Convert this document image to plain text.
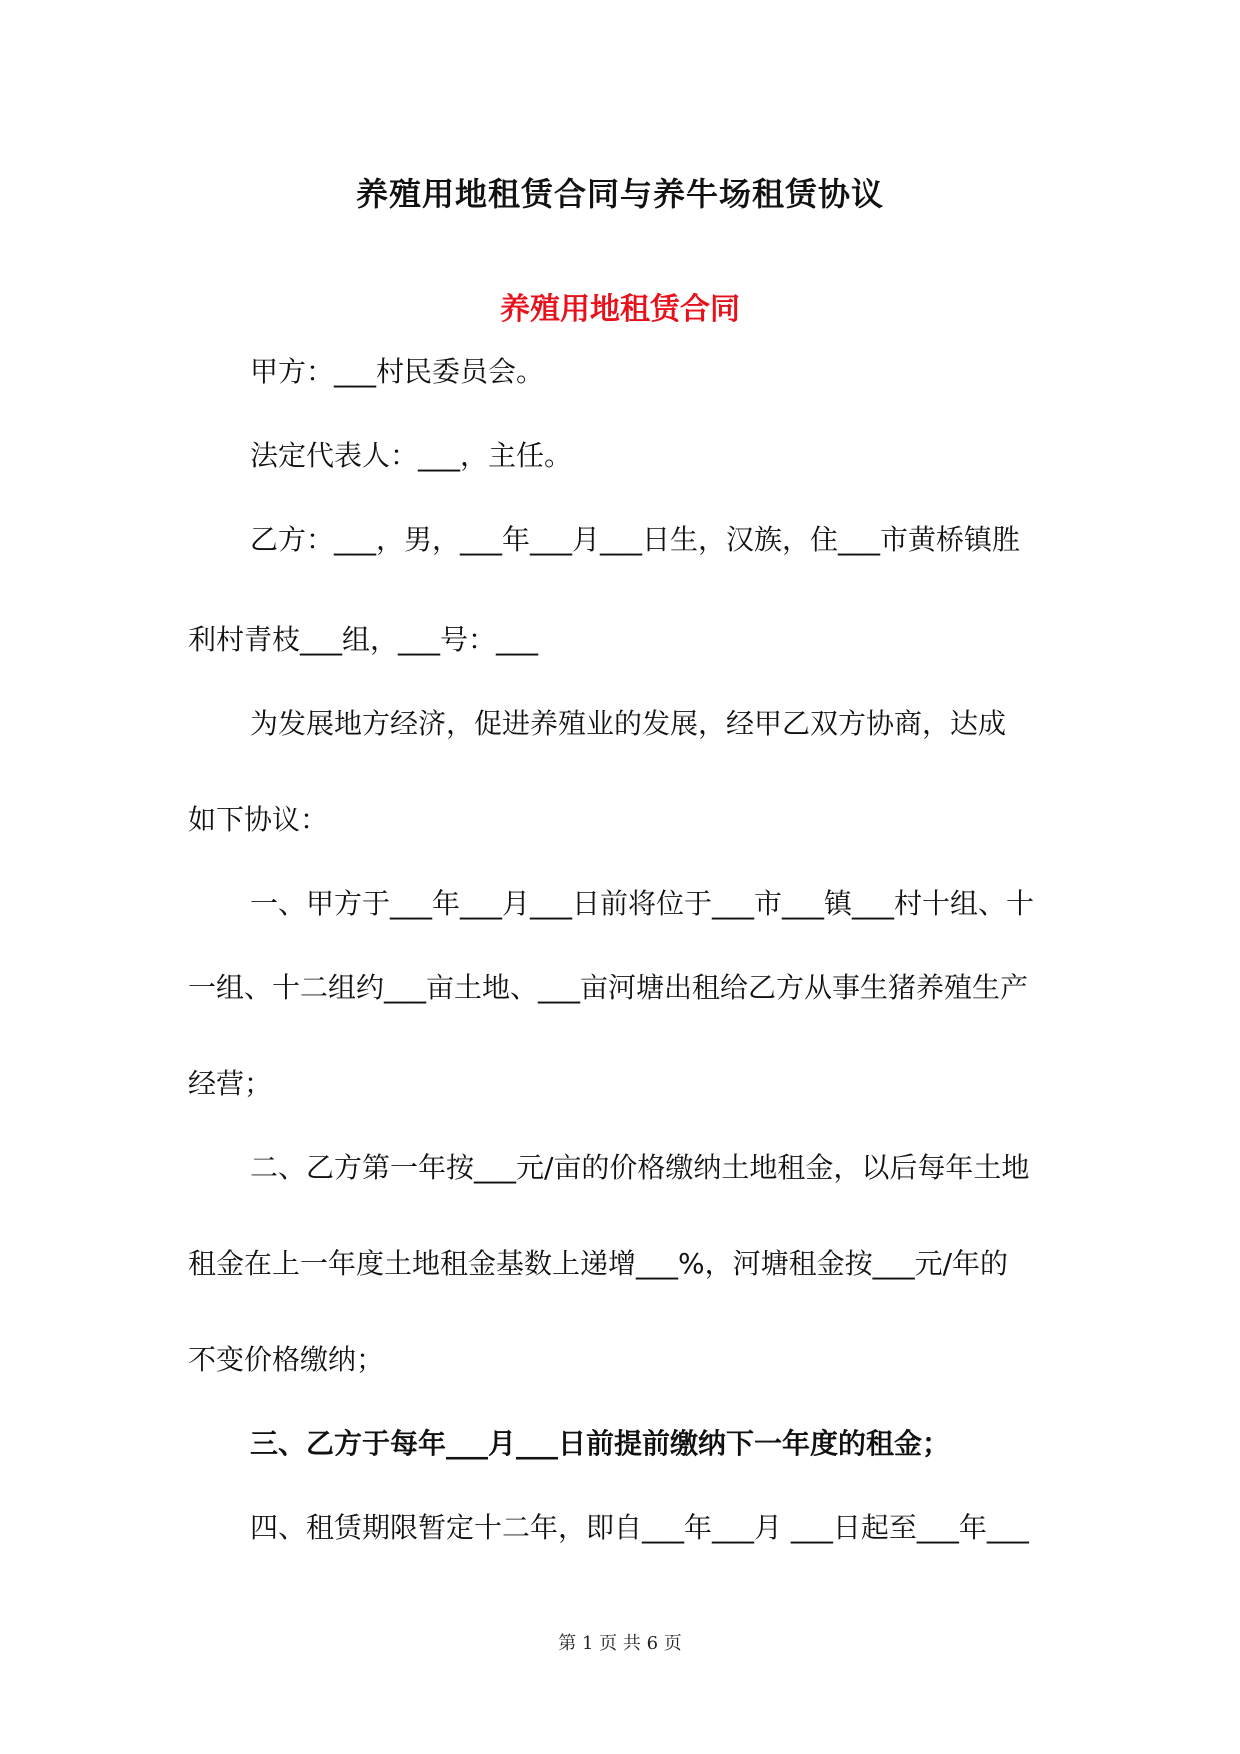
养殖用地租赁合同与养牛场租赁协议
养殖用地租赁合同
甲方：___村民委员会。
法定代表人：___，主任。
乙方：___，男，___年___月___日生，汉族，住___市黄桥镇胜
利村青枝___组，___号：___
为发展地方经济，促进养殖业的发展，经甲乙双方协商，达成
如下协议：
一、甲方于___年___月___日前将位于___市___镇___村十组、十
一组、十二组约___亩土地、___亩河塘出租给乙方从事生猪养殖生产
经营；
二、乙方第一年按___元/亩的价格缴纳土地租金，以后每年土地
租金在上一年度土地租金基数上递增___%，河塘租金按___元/年的
不变价格缴纳；
三、乙方于每年___月___日前提前缴纳下一年度的租金；
四、租赁期限暂定十二年，即自___年___月 ___日起至___年___
第 1 页 共 6 页
